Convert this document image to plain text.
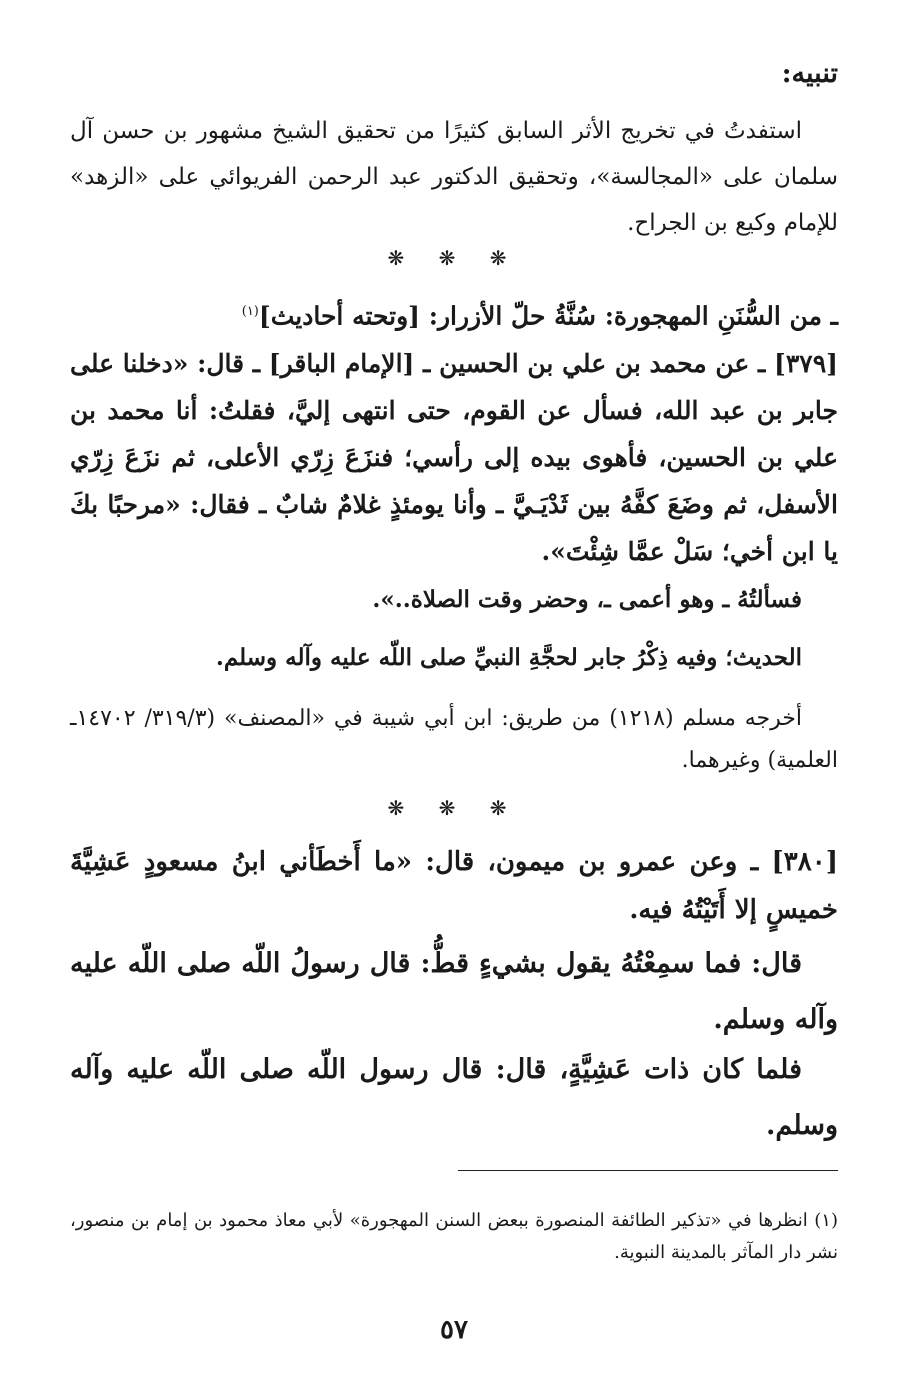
تنبيه:
استفدتُ في تخريج الأثر السابق كثيرًا من تحقيق الشيخ مشهور بن حسن آل سلمان على «المجالسة»، وتحقيق الدكتور عبد الرحمن الفريوائي على «الزهد» للإمام وكيع بن الجراح.
❋ ❋ ❋
ـ من السُّنَنِ المهجورة: سُنَّةُ حلّ الأزرار: [وتحته أحاديث]$^{(١)}$
[٣٧٩] ـ عن محمد بن علي بن الحسين ـ [الإمام الباقر] ـ قال: «دخلنا على جابر بن عبد الله، فسأل عن القوم، حتى انتهى إليَّ، فقلتُ: أنا محمد بن علي بن الحسين، فأهوى بيده إلى رأسي؛ فنزَعَ زِرّي الأعلى، ثم نزَعَ زِرّي الأسفل، ثم وضَعَ كفَّهُ بين ثَدْيَـيَّ ـ وأنا يومئذٍ غلامٌ شابٌ ـ فقال: «مرحبًا بكَ يا ابن أخي؛ سَلْ عمَّا شِئْتَ».
فسألتُهُ ـ وهو أعمى ـ، وحضر وقت الصلاة..».
الحديث؛ وفيه ذِكْرُ جابر لحجَّةِ النبيِّ صلى اللّه عليه وآله وسلم.
أخرجه مسلم (١٢١٨) من طريق: ابن أبي شيبة في «المصنف» (٣١٩/٣/ ١٤٧٠٢ـ العلمية) وغيرهما.
❋ ❋ ❋
[٣٨٠] ـ وعن عمرو بن ميمون، قال: «ما أَخطَأني ابنُ مسعودٍ عَشِيَّةَ خميسٍ إلا أَتَيْتُهُ فيه.
قال: فما سمِعْتُهُ يقول بشيءٍ قطُّ: قال رسولُ اللّه صلى اللّه عليه وآله وسلم.
فلما كان ذات عَشِيَّةٍ، قال: قال رسول اللّه صلى اللّه عليه وآله وسلم.
(١) انظرها في «تذكير الطائفة المنصورة ببعض السنن المهجورة» لأبي معاذ محمود بن إمام بن منصور، نشر دار المآثر بالمدينة النبوية.
٥٧
